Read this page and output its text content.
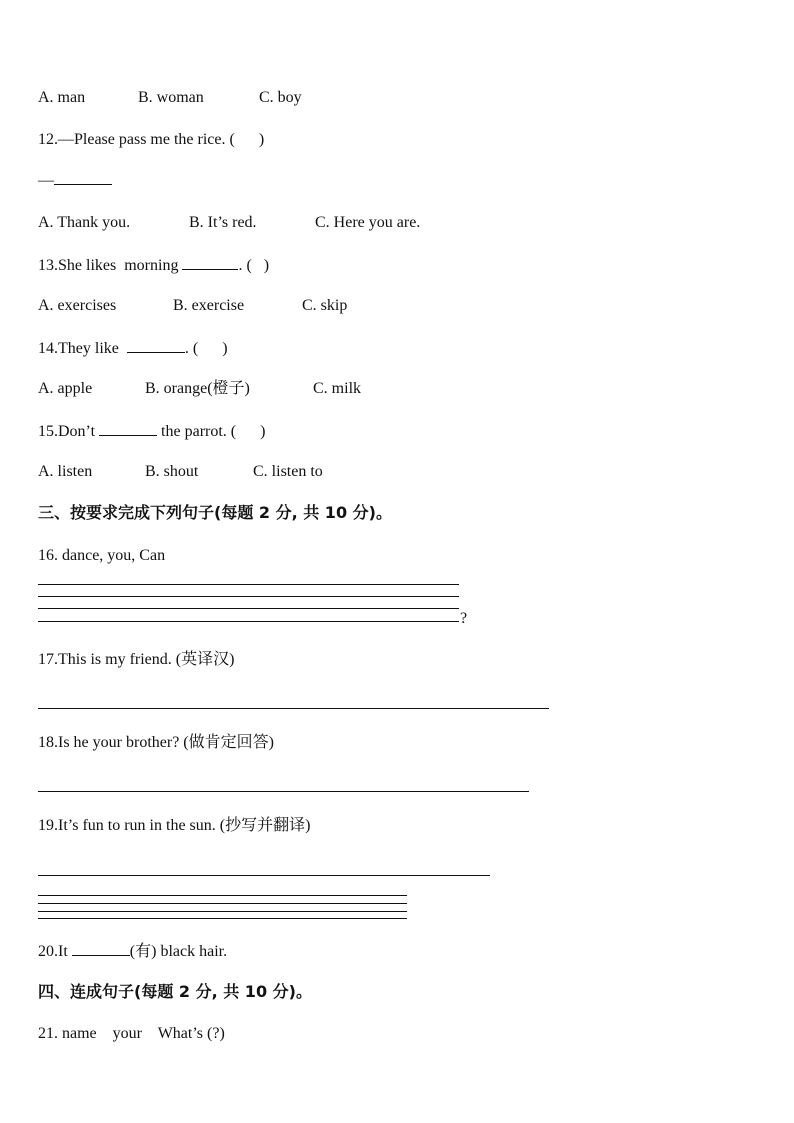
A. man	B. woman	C. boy
12.—Please pass me the rice. (      )
—
A. Thank you.	B. It’s red.	C. Here you are.
13.She likes  morning	. (   )
A. exercises	B. exercise	C. skip
14.They like	. (      )
A. apple	B. orange(橙子)	C. milk
15.Don’t	the parrot. (      )
A. listen	B. shout	C. listen to
三、按要求完成下列句子(每题 2 分, 共 10 分)。
16. dance, you, Can
?
17.This is my friend. (英译汉)
18.Is he your brother? (做肯定回答)
19.It’s fun to run in the sun. (抄写并翻译)
20.It	(有) black hair.
四、连成句子(每题 2 分, 共 10 分)。
21. name    your    What’s (?)
